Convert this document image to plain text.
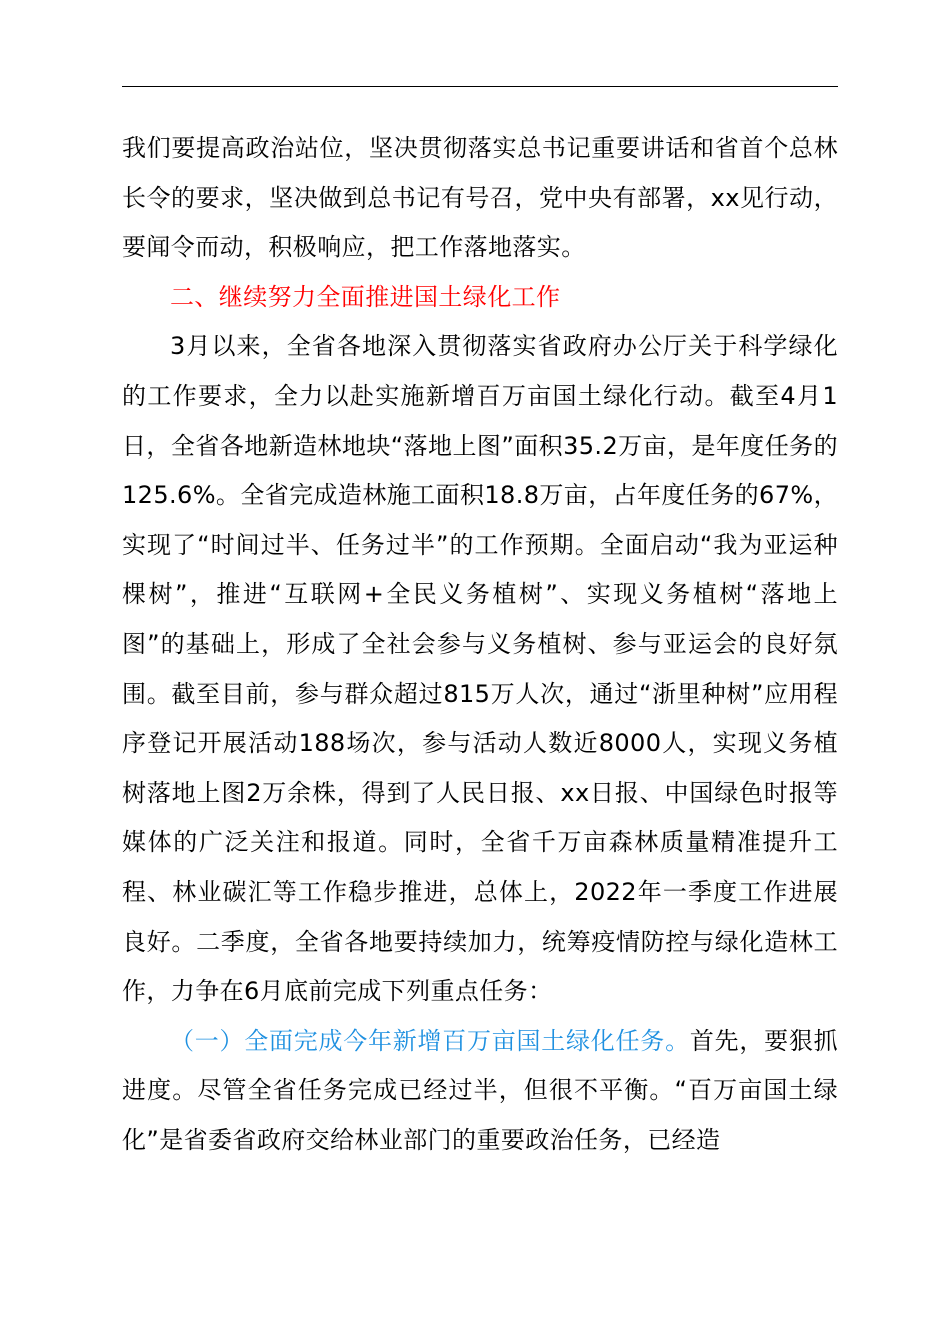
我们要提高政治站位，坚决贯彻落实总书记重要讲话和省首个总林长令的要求，坚决做到总书记有号召，党中央有部署，xx见行动，要闻令而动，积极响应，把工作落地落实。

二、继续努力全面推进国土绿化工作

3月以来，全省各地深入贯彻落实省政府办公厅关于科学绿化的工作要求，全力以赴实施新增百万亩国土绿化行动。截至4月1日，全省各地新造林地块“落地上图”面积35.2万亩，是年度任务的125.6%。全省完成造林施工面积18.8万亩，占年度任务的67%，实现了“时间过半、任务过半”的工作预期。全面启动“我为亚运种棵树”，推进“互联网+全民义务植树”、实现义务植树“落地上图”的基础上，形成了全社会参与义务植树、参与亚运会的良好氛围。截至目前，参与群众超过815万人次，通过“浙里种树”应用程序登记开展活动188场次，参与活动人数近8000人，实现义务植树落地上图2万余株，得到了人民日报、xx日报、中国绿色时报等媒体的广泛关注和报道。同时，全省千万亩森林质量精准提升工程、林业碳汇等工作稳步推进，总体上，2022年一季度工作进展良好。二季度，全省各地要持续加力，统筹疫情防控与绿化造林工作，力争在6月底前完成下列重点任务：

（一）全面完成今年新增百万亩国土绿化任务。首先，要狠抓进度。尽管全省任务完成已经过半，但很不平衡。“百万亩国土绿化”是省委省政府交给林业部门的重要政治任务，已经造
